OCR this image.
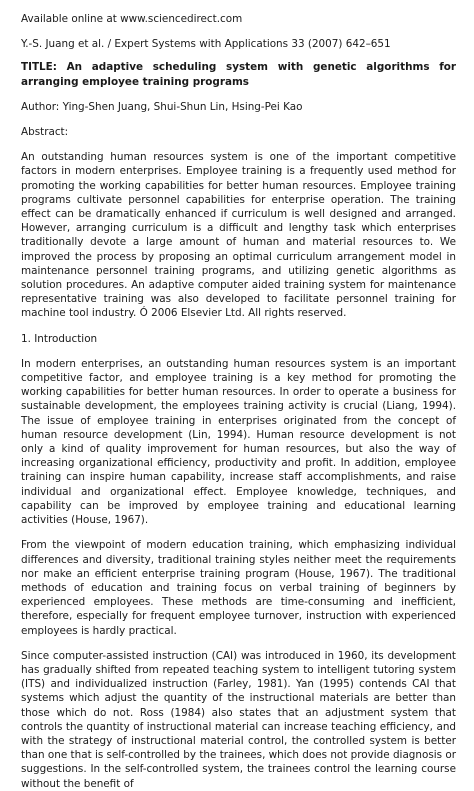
Available online at www.sciencedirect.com
Y.-S. Juang et al. / Expert Systems with Applications 33 (2007) 642–651

TITLE: An adaptive scheduling system with genetic algorithms for arranging employee training programs

Author: Ying-Shen Juang, Shui-Shun Lin, Hsing-Pei Kao
Abstract:

An outstanding human resources system is one of the important competitive factors in modern enterprises. Employee training is a frequently used method for promoting the working capabilities for better human resources. Employee training programs cultivate personnel capabilities for enterprise operation. The training effect can be dramatically enhanced if curriculum is well designed and arranged. However, arranging curriculum is a difficult and lengthy task which enterprises traditionally devote a large amount of human and material resources to. We improved the process by proposing an optimal curriculum arrangement model in maintenance personnel training programs, and utilizing genetic algorithms as solution procedures. An adaptive computer aided training system for maintenance representative training was also developed to facilitate personnel training for machine tool industry. Ó 2006 Elsevier Ltd. All rights reserved.

1. Introduction

In modern enterprises, an outstanding human resources system is an important competitive factor, and employee training is a key method for promoting the working capabilities for better human resources. In order to operate a business for sustainable development, the employees training activity is crucial (Liang, 1994). The issue of employee training in enterprises originated from the concept of human resource development (Lin, 1994). Human resource development is not only a kind of quality improvement for human resources, but also the way of increasing organizational efficiency, productivity and profit. In addition, employee training can inspire human capability, increase staff accomplishments, and raise individual and organizational effect. Employee knowledge, techniques, and capability can be improved by employee training and educational learning activities (House, 1967).

From the viewpoint of modern education training, which emphasizing individual differences and diversity, traditional training styles neither meet the requirements nor make an efficient enterprise training program (House, 1967). The traditional methods of education and training focus on verbal training of beginners by experienced employees. These methods are time-consuming and inefficient, therefore, especially for frequent employee turnover, instruction with experienced employees is hardly practical.

Since computer-assisted instruction (CAI) was introduced in 1960, its development has gradually shifted from repeated teaching system to intelligent tutoring system (ITS) and individualized instruction (Farley, 1981). Yan (1995) contends CAI that systems which adjust the quantity of the instructional materials are better than those which do not. Ross (1984) also states that an adjustment system that controls the quantity of instructional material can increase teaching efficiency, and with the strategy of instructional material control, the controlled system is better than one that is self-controlled by the trainees, which does not provide diagnosis or suggestions. In the self-controlled system, the trainees control the learning course without the benefit of
